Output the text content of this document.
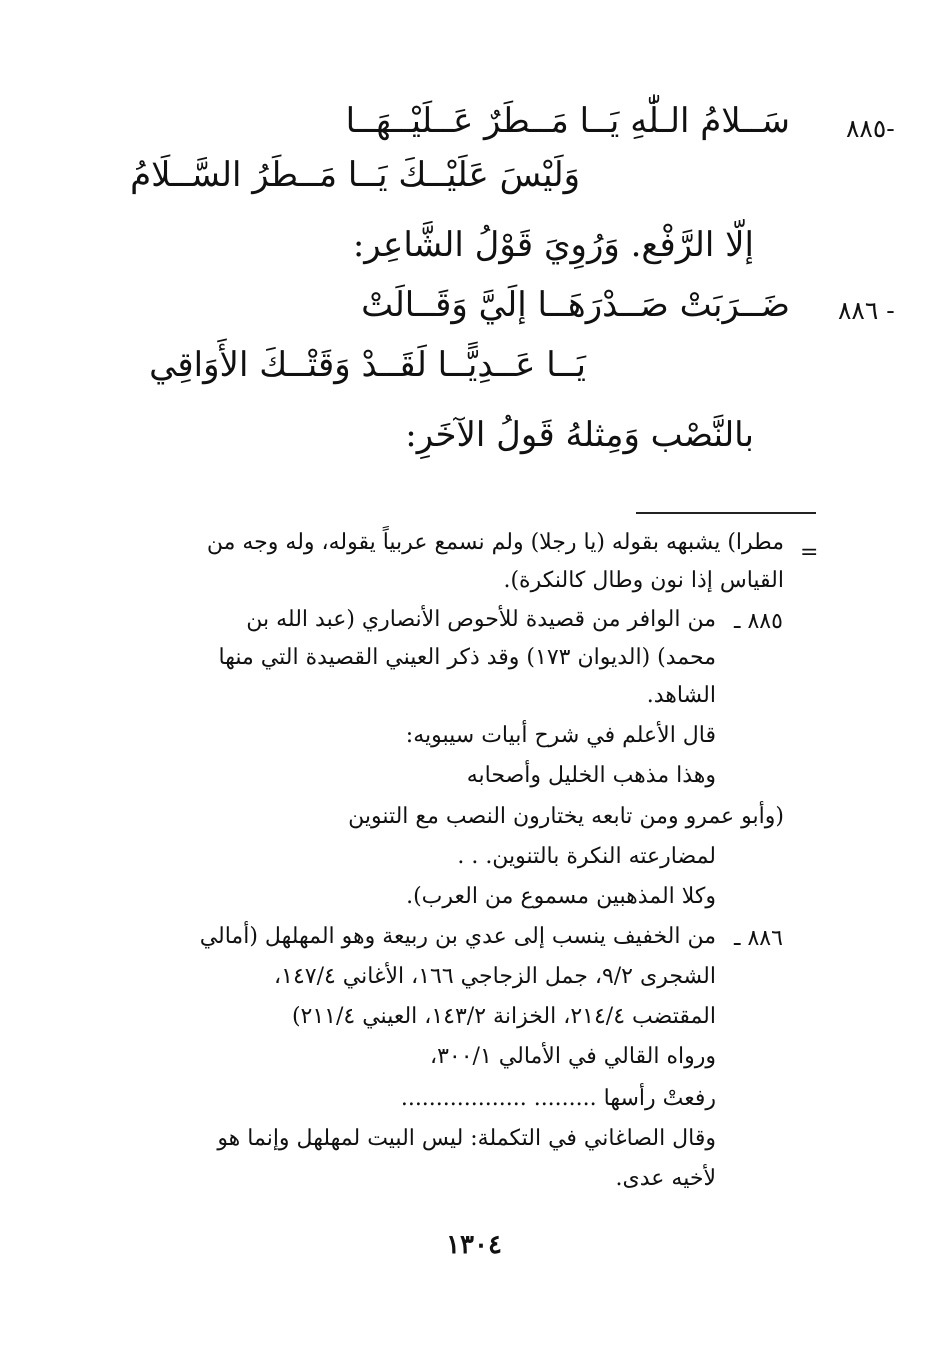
٨٨٥-
سَــلامُ الـلّٰهِ يَــا مَــطَرٌ عَــلَيْــهَــا
وَلَيْسَ عَلَيْــكَ يَــا مَــطَرُ السَّــلَامُ
إلّا الرَّفْع. وَرُوِيَ قَوْلُ الشَّاعِر:
٨٨٦ -
ضَــرَبَتْ صَــدْرَهَــا إلَيَّ وَقَــالَتْ
يَــا عَــدِيًّــا لَقَــدْ وَقَتْــكَ الأَوَاقِي
بالنَّصْب وَمِثلهُ قَولُ الآخَرِ:
=
مطرا) يشبهه بقوله (يا رجلا) ولم نسمع عربياً يقوله، وله وجه من
القياس إذا نون وطال كالنكرة).
٨٨٥ ـ
من الوافر من قصيدة للأحوص الأنصاري (عبد الله بن
محمد) (الديوان ١٧٣) وقد ذكر العيني القصيدة التي منها
الشاهد.
قال الأعلم في شرح أبيات سيبويه:
وهذا مذهب الخليل وأصحابه
(وأبو عمرو ومن تابعه يختارون النصب مع التنوين
لمضارعته النكرة بالتنوين. . .
وكلا المذهبين مسموع من العرب).
٨٨٦ ـ
من الخفيف ينسب إلى عدي بن ربيعة وهو المهلهل (أمالي
الشجرى ٩/٢، جمل الزجاجي ١٦٦، الأغاني ١٤٧/٤،
المقتضب ٢١٤/٤، الخزانة ١٤٣/٢، العيني ٢١١/٤)
ورواه القالي في الأمالي ٣٠٠/١،
رفعتْ رأسها ......... ..................
وقال الصاغاني في التكملة: ليس البيت لمهلهل وإنما هو
لأخيه عدى.
١٣٠٤
